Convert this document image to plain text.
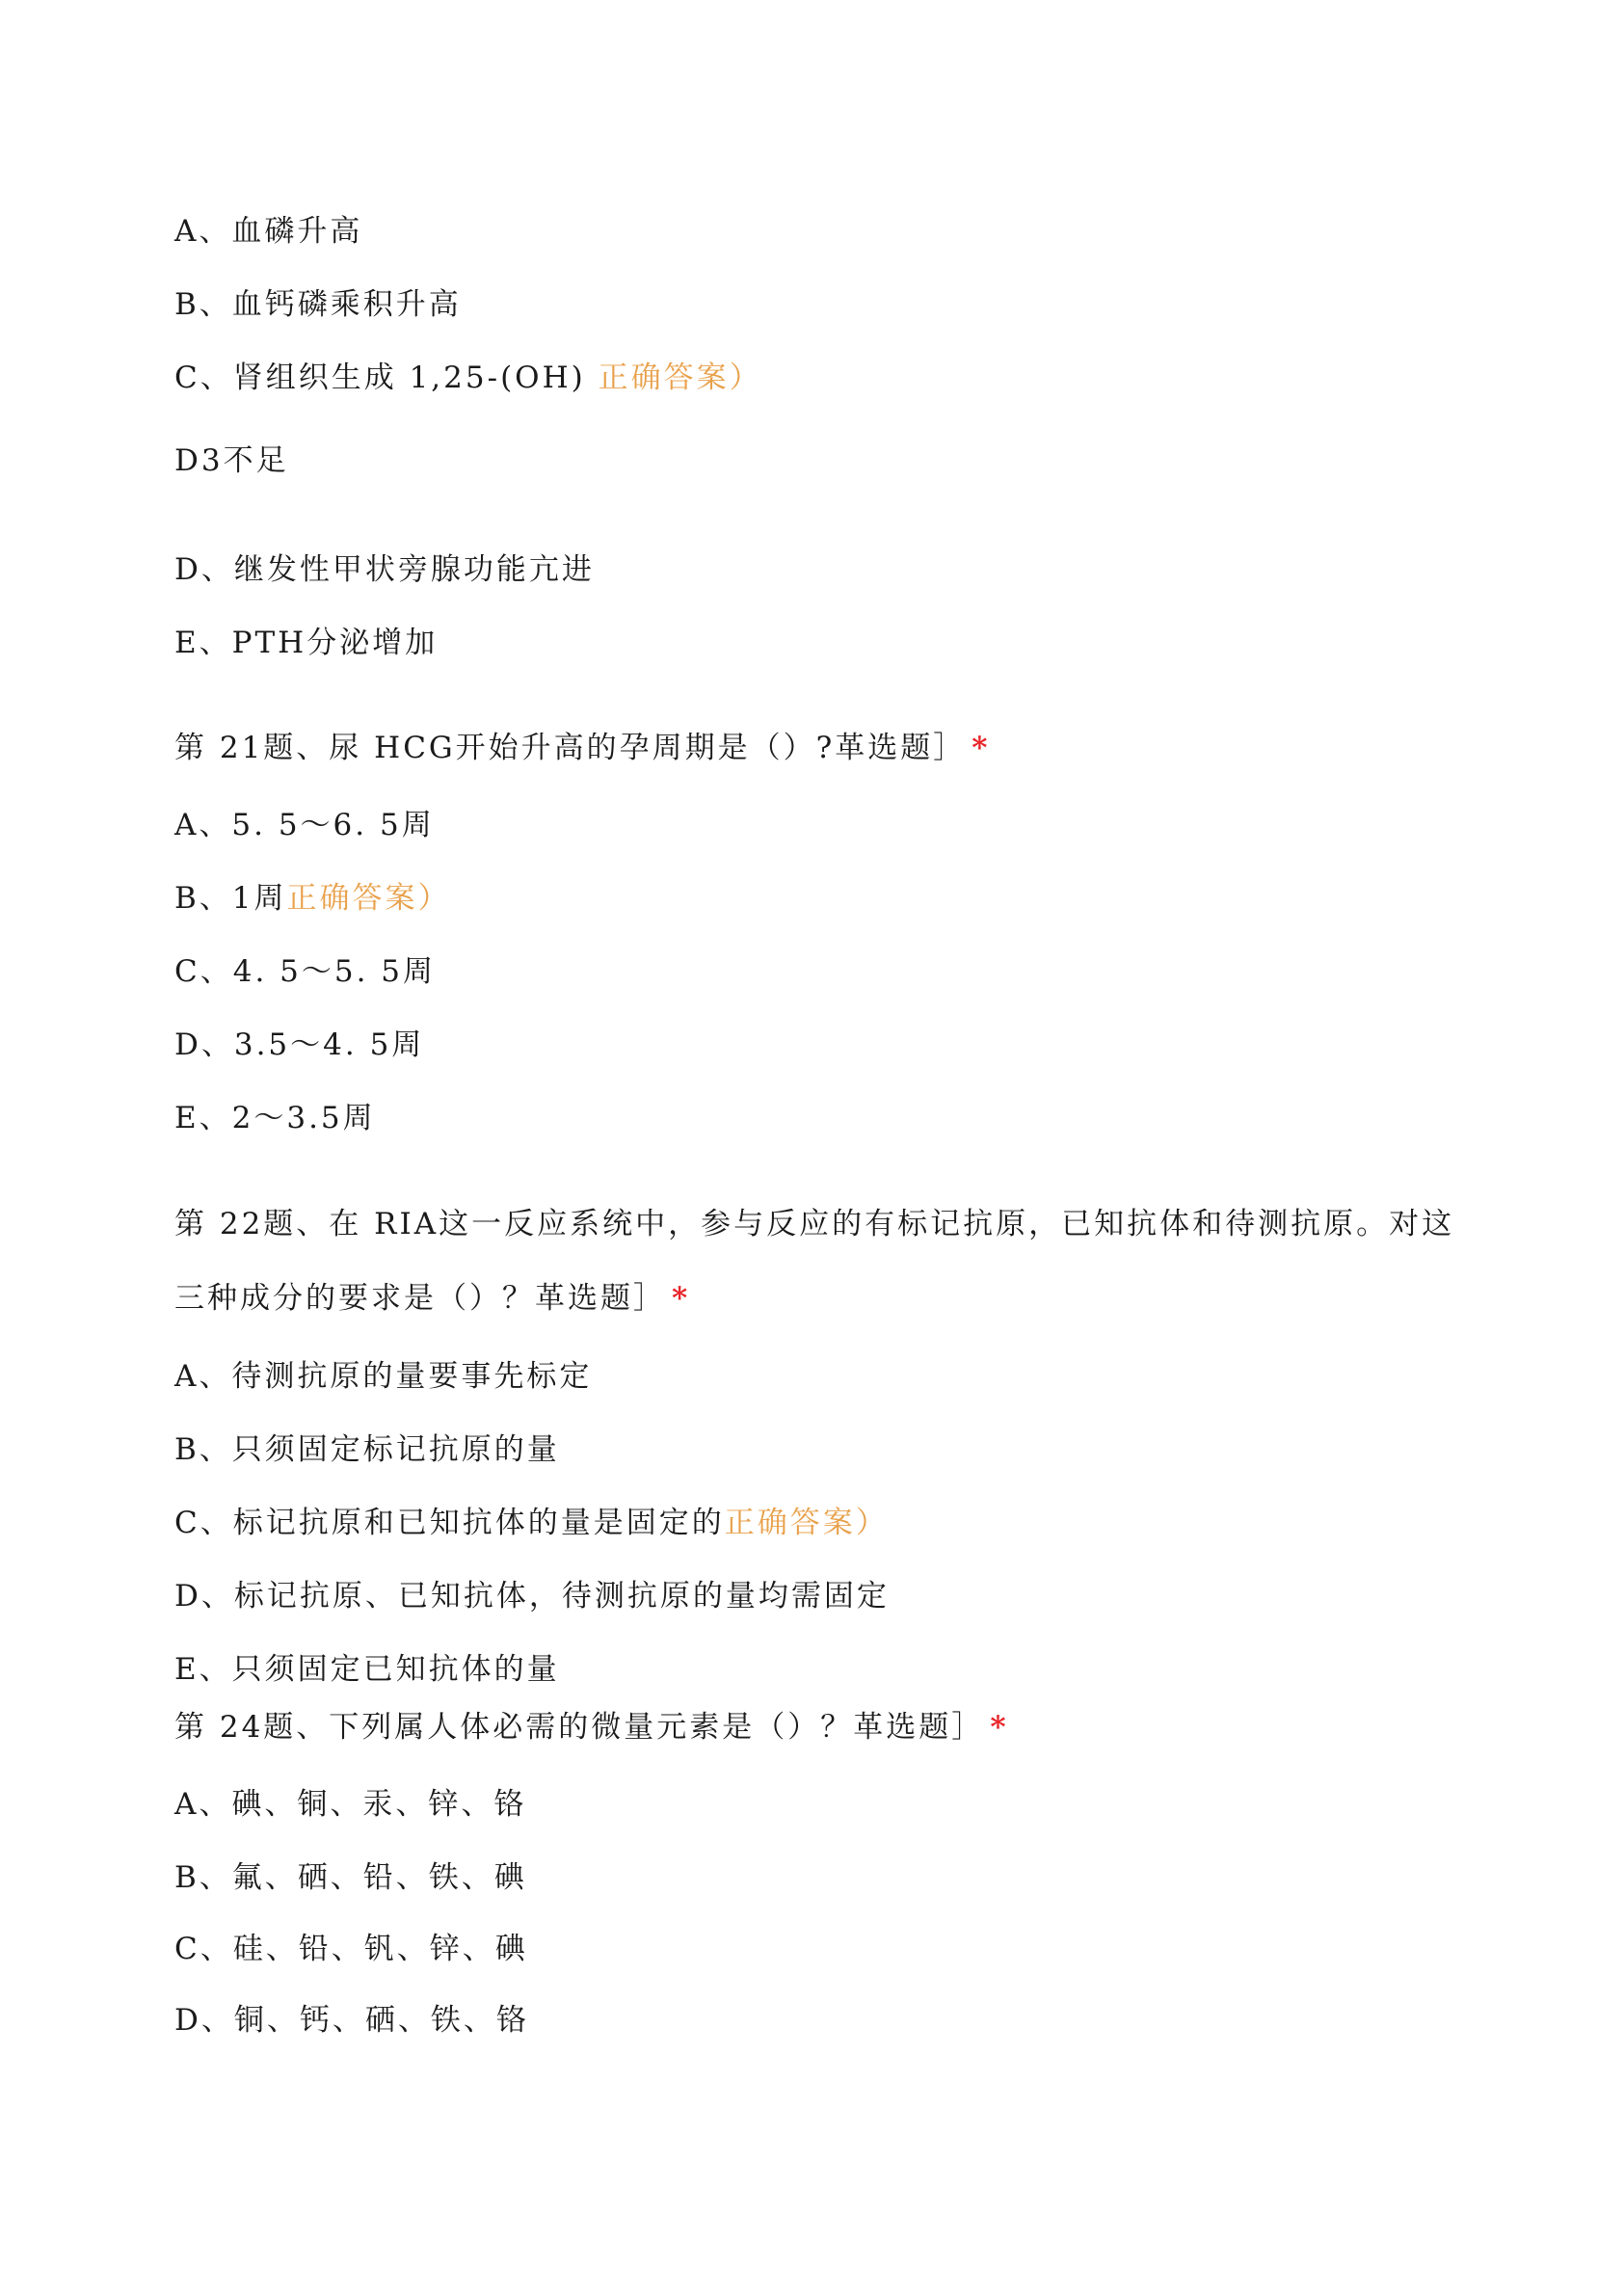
A、血磷升高
B、血钙磷乘积升高
C、肾组织生成 1,25-(OH) 正确答案）
D3不足
D、继发性甲状旁腺功能亢进
E、PTH分泌增加
第 21题、尿 HCG开始升高的孕周期是（）?革选题］ *
A、5. 5～6. 5周
B、1周正确答案）
C、4. 5～5. 5周
D、3.5～4. 5周
E、2～3.5周
第 22题、在 RIA这一反应系统中，参与反应的有标记抗原，已知抗体和待测抗原。对这
三种成分的要求是（）？革选题］ *
A、待测抗原的量要事先标定
B、只须固定标记抗原的量
C、标记抗原和已知抗体的量是固定的正确答案）
D、标记抗原、已知抗体，待测抗原的量均需固定
E、只须固定已知抗体的量
第 24题、下列属人体必需的微量元素是（）？革选题］ *
A、碘、铜、汞、锌、铬
B、氟、硒、铅、铁、碘
C、硅、铅、钒、锌、碘
D、铜、钙、硒、铁、铬
